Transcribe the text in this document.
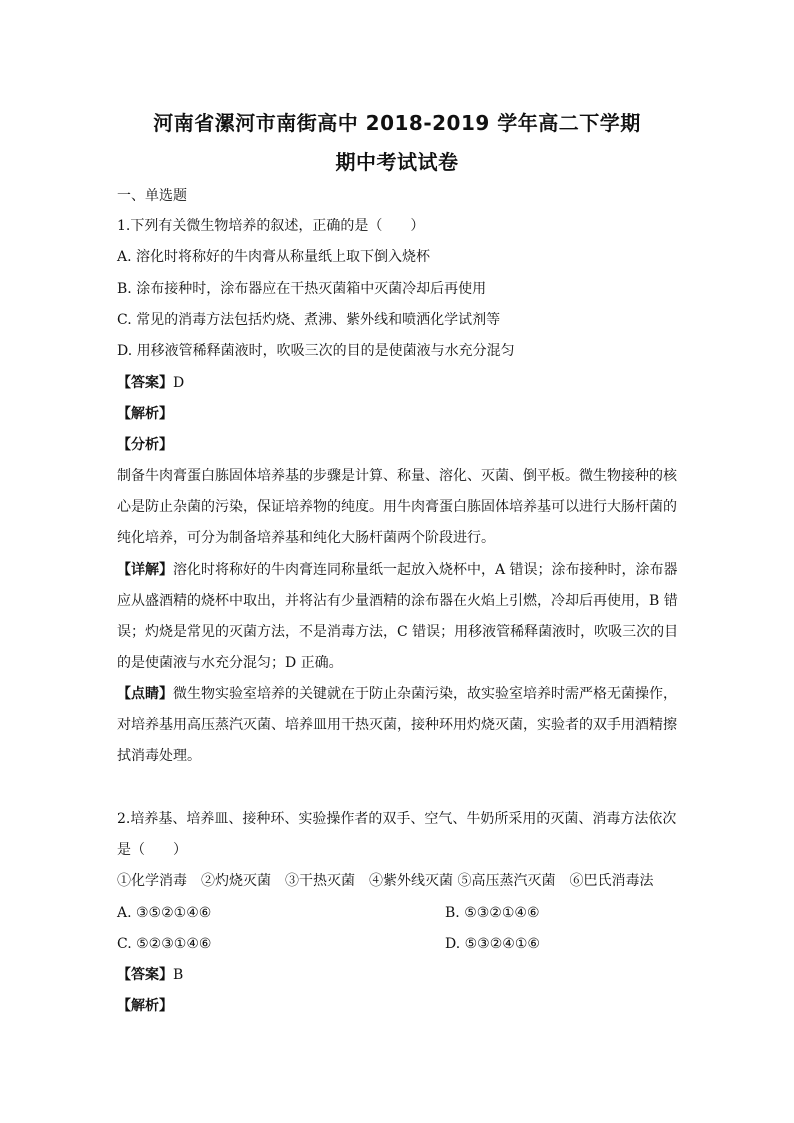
河南省漯河市南街高中 2018-2019 学年高二下学期
期中考试试卷
一、单选题
1.下列有关微生物培养的叙述，正确的是（　　）
A. 溶化时将称好的牛肉膏从称量纸上取下倒入烧杯
B. 涂布接种时，涂布器应在干热灭菌箱中灭菌冷却后再使用
C. 常见的消毒方法包括灼烧、煮沸、紫外线和喷洒化学试剂等
D. 用移液管稀释菌液时，吹吸三次的目的是使菌液与水充分混匀
【答案】D
【解析】
【分析】
制备牛肉膏蛋白胨固体培养基的步骤是计算、称量、溶化、灭菌、倒平板。微生物接种的核
心是防止杂菌的污染，保证培养物的纯度。用牛肉膏蛋白胨固体培养基可以进行大肠杆菌的
纯化培养，可分为制备培养基和纯化大肠杆菌两个阶段进行。
【详解】溶化时将称好的牛肉膏连同称量纸一起放入烧杯中，A 错误；涂布接种时，涂布器
应从盛酒精的烧杯中取出，并将沾有少量酒精的涂布器在火焰上引燃，冷却后再使用，B 错
误；灼烧是常见的灭菌方法，不是消毒方法，C 错误；用移液管稀释菌液时，吹吸三次的目
的是使菌液与水充分混匀；D 正确。
【点睛】微生物实验室培养的关键就在于防止杂菌污染，故实验室培养时需严格无菌操作，
对培养基用高压蒸汽灭菌、培养皿用干热灭菌，接种环用灼烧灭菌，实验者的双手用酒精擦
拭消毒处理。
2.培养基、培养皿、接种环、实验操作者的双手、空气、牛奶所采用的灭菌、消毒方法依次
是（　　）
①化学消毒　②灼烧灭菌　③干热灭菌　④紫外线灭菌 ⑤高压蒸汽灭菌　⑥巴氏消毒法
A. ③⑤②①④⑥	B. ⑤③②①④⑥
C. ⑤②③①④⑥	D. ⑤③②④①⑥
【答案】B
【解析】
